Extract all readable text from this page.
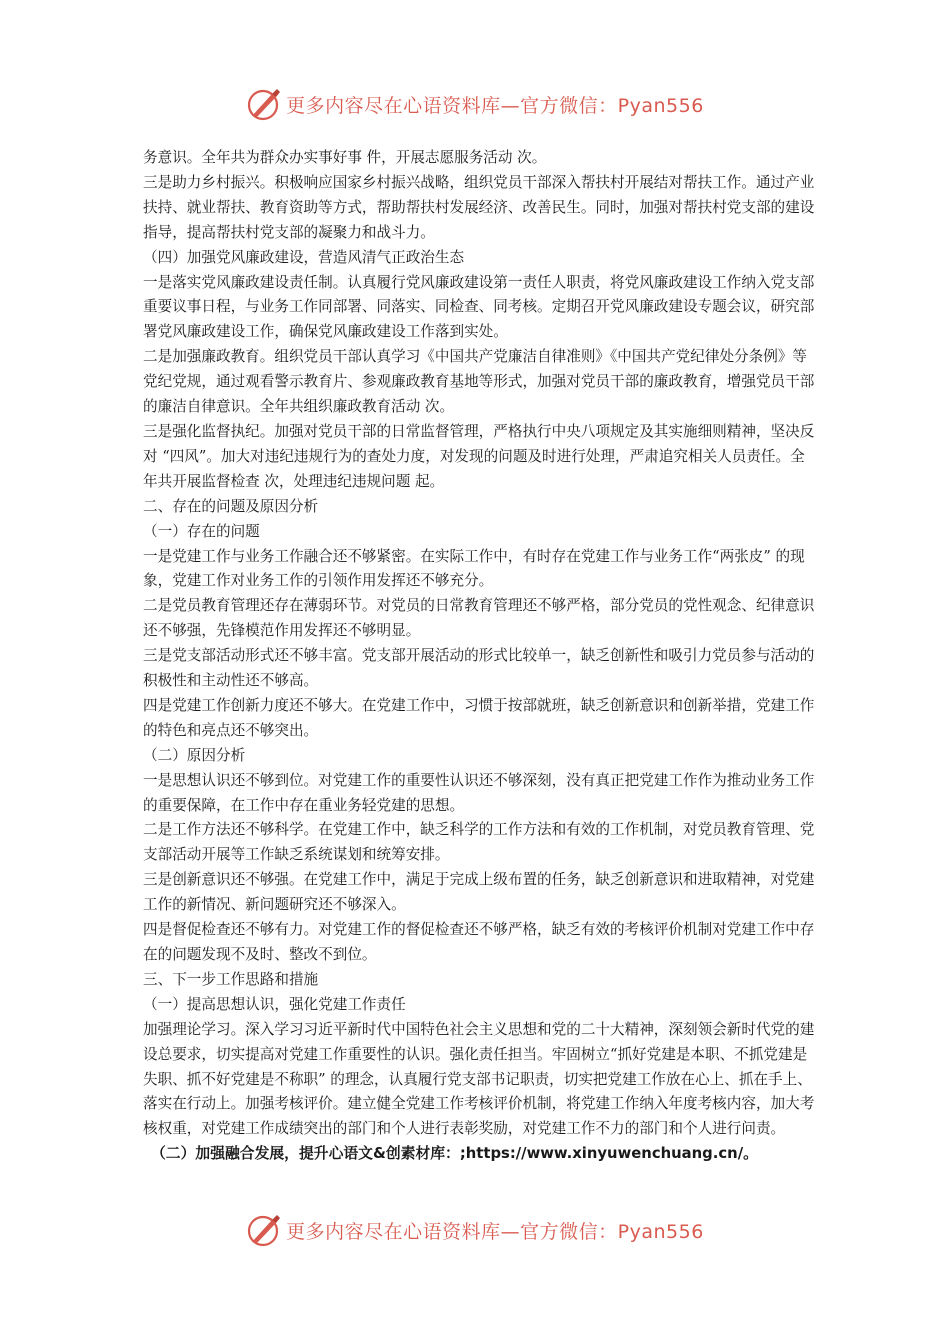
更多内容尽在心语资料库—官方微信：Pyan556

务意识。全年共为群众办实事好事 件，开展志愿服务活动 次。

三是助力乡村振兴。积极响应国家乡村振兴战略，组织党员干部深入帮扶村开展结对帮扶工作。通过产业扶持、就业帮扶、教育资助等方式，帮助帮扶村发展经济、改善民生。同时，加强对帮扶村党支部的建设指导，提高帮扶村党支部的凝聚力和战斗力。

（四）加强党风廉政建设，营造风清气正政治生态

一是落实党风廉政建设责任制。认真履行党风廉政建设第一责任人职责，将党风廉政建设工作纳入党支部重要议事日程，与业务工作同部署、同落实、同检查、同考核。定期召开党风廉政建设专题会议，研究部署党风廉政建设工作，确保党风廉政建设工作落到实处。

二是加强廉政教育。组织党员干部认真学习《中国共产党廉洁自律准则》《中国共产党纪律处分条例》等党纪党规，通过观看警示教育片、参观廉政教育基地等形式，加强对党员干部的廉政教育，增强党员干部的廉洁自律意识。全年共组织廉政教育活动 次。

三是强化监督执纪。加强对党员干部的日常监督管理，严格执行中央八项规定及其实施细则精神，坚决反对 “四风”。加大对违纪违规行为的查处力度，对发现的问题及时进行处理，严肃追究相关人员责任。全年共开展监督检查 次，处理违纪违规问题 起。

二、存在的问题及原因分析

（一）存在的问题

一是党建工作与业务工作融合还不够紧密。在实际工作中，有时存在党建工作与业务工作“两张皮” 的现象，党建工作对业务工作的引领作用发挥还不够充分。

二是党员教育管理还存在薄弱环节。对党员的日常教育管理还不够严格，部分党员的党性观念、纪律意识还不够强，先锋模范作用发挥还不够明显。

三是党支部活动形式还不够丰富。党支部开展活动的形式比较单一，缺乏创新性和吸引力党员参与活动的积极性和主动性还不够高。

四是党建工作创新力度还不够大。在党建工作中，习惯于按部就班，缺乏创新意识和创新举措，党建工作的特色和亮点还不够突出。

（二）原因分析

一是思想认识还不够到位。对党建工作的重要性认识还不够深刻，没有真正把党建工作作为推动业务工作的重要保障，在工作中存在重业务轻党建的思想。

二是工作方法还不够科学。在党建工作中，缺乏科学的工作方法和有效的工作机制，对党员教育管理、党支部活动开展等工作缺乏系统谋划和统筹安排。

三是创新意识还不够强。在党建工作中，满足于完成上级布置的任务，缺乏创新意识和进取精神，对党建工作的新情况、新问题研究还不够深入。

四是督促检查还不够有力。对党建工作的督促检查还不够严格，缺乏有效的考核评价机制对党建工作中存在的问题发现不及时、整改不到位。

三、下一步工作思路和措施

（一）提高思想认识，强化党建工作责任

加强理论学习。深入学习习近平新时代中国特色社会主义思想和党的二十大精神，深刻领会新时代党的建设总要求，切实提高对党建工作重要性的认识。强化责任担当。牢固树立“抓好党建是本职、不抓党建是失职、抓不好党建是不称职” 的理念，认真履行党支部书记职责，切实把党建工作放在心上、抓在手上、落实在行动上。加强考核评价。建立健全党建工作考核评价机制，将党建工作纳入年度考核内容，加大考核权重，对党建工作成绩突出的部门和个人进行表彰奖励，对党建工作不力的部门和个人进行问责。

（二）加强融合发展，提升心语文&创素材库：;https://www.xinyuwenchuang.cn/。

更多内容尽在心语资料库—官方微信：Pyan556
